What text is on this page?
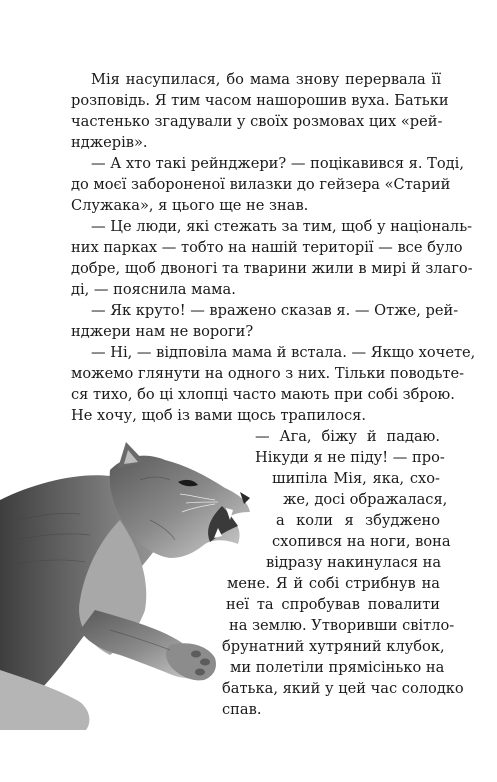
Мія насупилася, бо мама знову перервала її
розповідь. Я тим часом нашорошив вуха. Батьки
частенько згадували у своїх розмовах цих «рей-
нджерів».
— А хто такі рейнджери? — поцікавився я. Тоді,
до моєї забороненої вилазки до гейзера «Старий
Служака», я цього ще не знав.
— Це люди, які стежать за тим, щоб у національ-
них парках — тобто на нашій території — все було
добре, щоб двоногі та тварини жили в мирі й злаго-
ді, — пояснила мама.
— Як круто! — вражено сказав я. — Отже, рей-
нджери нам не вороги?
— Ні, — відповіла мама й встала. — Якщо хочете,
можемо глянути на одного з них. Тільки поводьте-
ся тихо, бо ці хлопці часто мають при собі зброю.
Не хочу, щоб із вами щось трапилося.
— Ага, біжу й падаю.
Нікуди я не піду! — про-
шипіла Мія, яка, схо-
же, досі ображалася,
а коли я збуджено
схопився на ноги, вона
відразу накинулася на
мене. Я й собі стрибнув на
неї та спробував повалити
на землю. Утворивши світло-
брунатний хутряний клубок,
ми полетіли прямісінько на
батька, який у цей час солодко
спав.
